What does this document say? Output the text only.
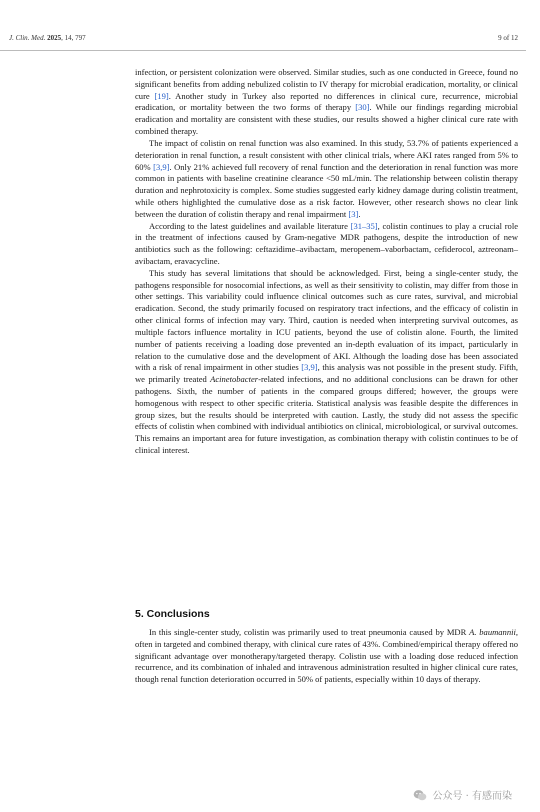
J. Clin. Med. 2025, 14, 797	9 of 12

infection, or persistent colonization were observed. Similar studies, such as one conducted in Greece, found no significant benefits from adding nebulized colistin to IV therapy for microbial eradication, mortality, or clinical cure [19]. Another study in Turkey also reported no differences in clinical cure, recurrence, microbial eradication, or mortality between the two forms of therapy [30]. While our findings regarding microbial eradication and mortality are consistent with these studies, our results showed a higher clinical cure rate with combined therapy.

The impact of colistin on renal function was also examined. In this study, 53.7% of patients experienced a deterioration in renal function, a result consistent with other clinical trials, where AKI rates ranged from 5% to 60% [3,9]. Only 21% achieved full recovery of renal function and the deterioration in renal function was more common in patients with baseline creatinine clearance <50 mL/min. The relationship between colistin therapy duration and nephrotoxicity is complex. Some studies suggested early kidney damage during colistin treatment, while others highlighted the cumulative dose as a risk factor. However, other research shows no clear link between the duration of colistin therapy and renal impairment [3].

According to the latest guidelines and available literature [31–35], colistin continues to play a crucial role in the treatment of infections caused by Gram-negative MDR pathogens, despite the introduction of new antibiotics such as the following: ceftazidime–avibactam, meropenem–vaborbactam, cefiderocol, aztreonam–avibactam, eravacycline.

This study has several limitations that should be acknowledged. First, being a single-center study, the pathogens responsible for nosocomial infections, as well as their sensitivity to colistin, may differ from those in other settings. This variability could influence clinical outcomes such as cure rates, survival, and microbial eradication. Second, the study primarily focused on respiratory tract infections, and the efficacy of colistin in other clinical forms of infection may vary. Third, caution is needed when interpreting survival outcomes, as multiple factors influence mortality in ICU patients, beyond the use of colistin alone. Fourth, the limited number of patients receiving a loading dose prevented an in-depth evaluation of its impact, particularly in relation to the cumulative dose and the development of AKI. Although the loading dose has been associated with a risk of renal impairment in other studies [3,9], this analysis was not possible in the present study. Fifth, we primarily treated Acinetobacter-related infections, and no additional conclusions can be drawn for other pathogens. Sixth, the number of patients in the compared groups differed; however, the groups were homogenous with respect to other specific criteria. Statistical analysis was feasible despite the differences in group sizes, but the results should be interpreted with caution. Lastly, the study did not assess the specific effects of colistin when combined with individual antibiotics on clinical, microbiological, or survival outcomes. This remains an important area for future investigation, as combination therapy with colistin continues to be of clinical interest.

5. Conclusions

In this single-center study, colistin was primarily used to treat pneumonia caused by MDR A. baumannii, often in targeted and combined therapy, with clinical cure rates of 43%. Combined/empirical therapy offered no significant advantage over monotherapy/targeted therapy. Colistin use with a loading dose reduced infection recurrence, and its combination of inhaled and intravenous administration resulted in higher clinical cure rates, though renal function deterioration occurred in 50% of patients, especially within 10 days of therapy.

公众号 · 有感而染
